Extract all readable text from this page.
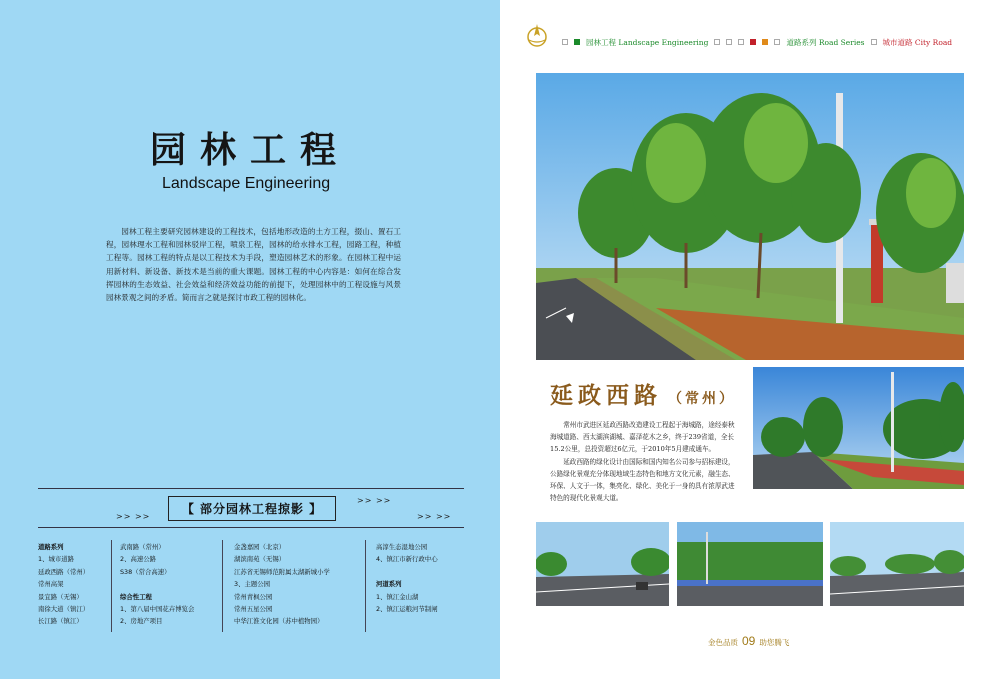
园林工程
Landscape Engineering
园林工程主要研究园林建设的工程技术，包括地形改造的土方工程，掇山、置石工程，园林理水工程和园林驳岸工程，喷泉工程，园林的给水排水工程，园路工程，种植工程等。园林工程的特点是以工程技术为手段，塑造园林艺术的形象。在园林工程中运用新材料、新设备、新技术是当前的重大课题。园林工程的中心内容是：如何在综合发挥园林的生态效益、社会效益和经济效益功能的前提下，处理园林中的工程设施与风景园林景观之间的矛盾。简而言之就是探讨市政工程的园林化。
【 部分园林工程掠影 】
>> >>
>> >>
>> >>
道路系列
1、城市道路
延政西路（常州）
常州高架
景宜路（无锡）
南徐大道（镇江）
长江路（镇江）
武南路（常州）
2、高速公路
S38（常合高速）

综合性工程
1、第八届中国花卉博览会
2、房地产项目
金盏嘉园（北京）
湖滨南苑（无锡）
江苏省无锡师范附属太湖新城小学
3、主题公园
常州青枫公园
常州五星公园
中华江淮文化园（苏中植物园）
高淳生态湿地公园
4、镇江市新行政中心

河道系列
1、镇江金山湖
2、镇江运粮河节制闸
园林工程 Landscape Engineering	道路系列 Road Series 城市道路 City Road
延政西路 （常州）

常州市武进区延政西路改造建设工程起于海城路，途经泰秋海城道路、西太湖滨湖城、嘉泽花木之乡，终于239省道，全长15.2公里，总投资超过6亿元，于2010年5月建成通车。

延政西路的绿化设计由国际和国内知名公司参与招标建设，公路绿化景观充分体现地域生态特色和地方文化元素，融生态、环保、人文于一体，集亮化、绿化、美化于一身的具有浓厚武进特色的现代化景观大道。

金色品质 09 助您腾飞
